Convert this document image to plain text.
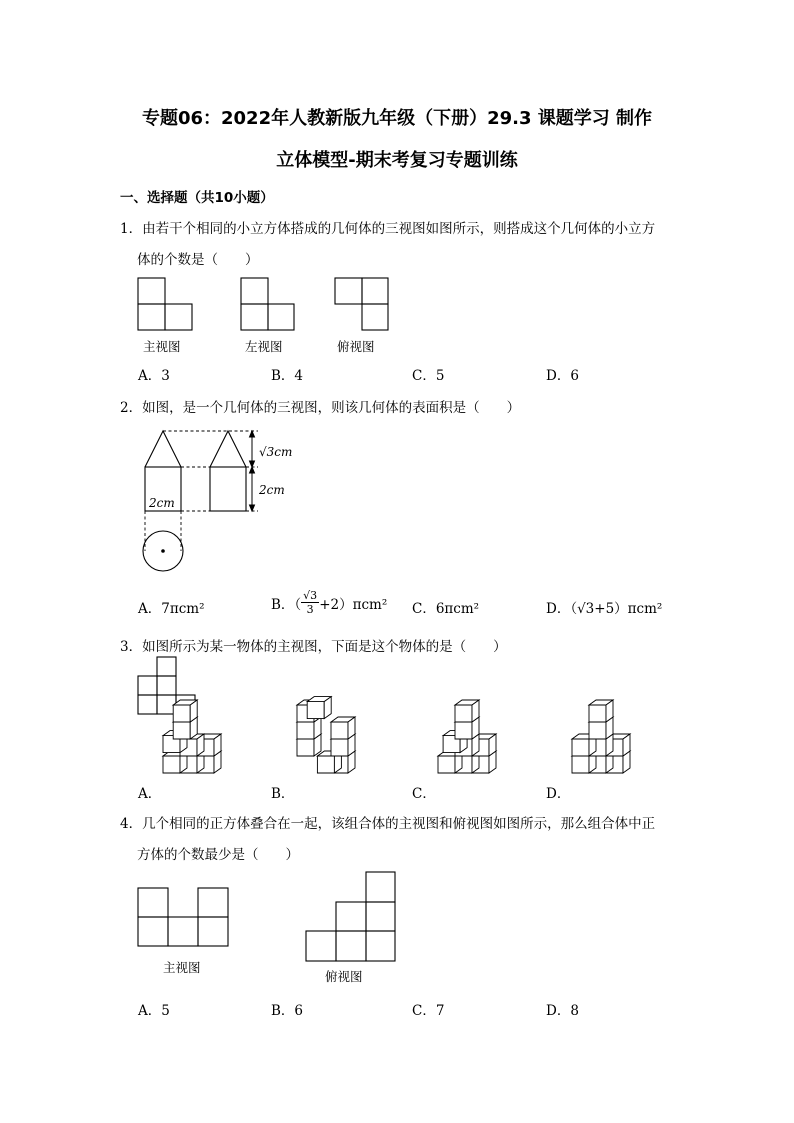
专题06：2022年人教新版九年级（下册）29.3 课题学习 制作
立体模型-期末考复习专题训练
一、选择题（共10小题）
1．由若干个相同的小立方体搭成的几何体的三视图如图所示，则搭成这个几何体的小立方
体的个数是（　　）
主视图	左视图	俯视图
A．3	B．4	C．5	D．6
2．如图，是一个几何体的三视图，则该几何体的表面积是（　　）
√3cm
2cm
2cm
A．7πcm²	B．（ $\frac{√3}{3} +2)\pi cm^2$ C．6πcm²	D．（√3+5）πcm²
3．如图所示为某一物体的主视图，下面是这个物体的是（　　）
A．	B．	C．	D．
4．几个相同的正方体叠合在一起，该组合体的主视图和俯视图如图所示，那么组合体中正
方体的个数最少是（　　）
主视图
俯视图
A．5	B．6	C．7	D．8
